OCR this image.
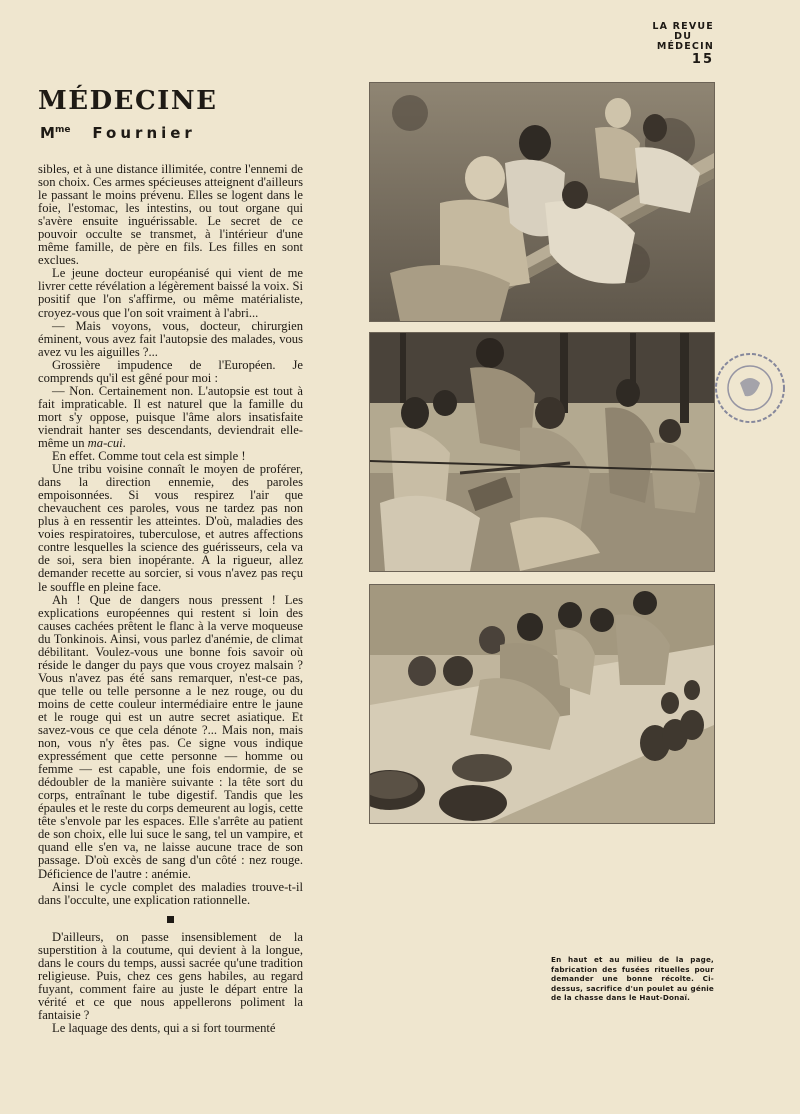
LA REVUE
DU
MÉDECIN
15
MÉDECINE
$M^{me}$ Fournier

sibles, et à une distance illimitée, contre l'ennemi de son choix. Ces armes spécieuses atteignent d'ailleurs le passant le moins prévenu. Elles se logent dans le foie, l'estomac, les intestins, ou tout organe qui s'avère ensuite inguérissable. Le secret de ce pouvoir occulte se transmet, à l'intérieur d'une même famille, de père en fils. Les filles en sont exclues.

Le jeune docteur européanisé qui vient de me livrer cette révélation a légèrement baissé la voix. Si positif que l'on s'affirme, ou même matérialiste, croyez-vous que l'on soit vraiment à l'abri...

— Mais voyons, vous, docteur, chirurgien éminent, vous avez fait l'autopsie des malades, vous avez vu les aiguilles ?...

Grossière impudence de l'Européen. Je comprends qu'il est gêné pour moi :

— Non. Certainement non. L'autopsie est tout à fait impraticable. Il est naturel que la famille du mort s'y oppose, puisque l'âme alors insatisfaite viendrait hanter ses descendants, deviendrait elle-même un ma-cui.

En effet. Comme tout cela est simple !

Une tribu voisine connaît le moyen de proférer, dans la direction ennemie, des paroles empoisonnées. Si vous respirez l'air que chevauchent ces paroles, vous ne tardez pas non plus à en ressentir les atteintes. D'où, maladies des voies respiratoires, tuberculose, et autres affections contre lesquelles la science des guérisseurs, cela va de soi, sera bien inopérante. A la rigueur, allez demander recette au sorcier, si vous n'avez pas reçu le souffle en pleine face.

Ah ! Que de dangers nous pressent ! Les explications européennes qui restent si loin des causes cachées prêtent le flanc à la verve moqueuse du Tonkinois. Ainsi, vous parlez d'anémie, de climat débilitant. Voulez-vous une bonne fois savoir où réside le danger du pays que vous croyez malsain ? Vous n'avez pas été sans remarquer, n'est-ce pas, que telle ou telle personne a le nez rouge, ou du moins de cette couleur intermédiaire entre le jaune et le rouge qui est un autre secret asiatique. Et savez-vous ce que cela dénote ?... Mais non, mais non, vous n'y êtes pas. Ce signe vous indique expressément que cette personne — homme ou femme — est capable, une fois endormie, de se dédoubler de la manière suivante : la tête sort du corps, entraînant le tube digestif. Tandis que les épaules et le reste du corps demeurent au logis, cette tête s'envole par les espaces. Elle s'arrête au patient de son choix, elle lui suce le sang, tel un vampire, et quand elle s'en va, ne laisse aucune trace de son passage. D'où excès de sang d'un côté : nez rouge. Déficience de l'autre : anémie.

Ainsi le cycle complet des maladies trouve-t-il dans l'occulte, une explication rationnelle.

D'ailleurs, on passe insensiblement de la superstition à la coutume, qui devient à la longue, dans le cours du temps, aussi sacrée qu'une tradition religieuse. Puis, chez ces gens habiles, au regard fuyant, comment faire au juste le départ entre la vérité et ce que nous appellerons poliment la fantaisie ?

Le laquage des dents, qui a si fort tourmenté

En haut et au milieu de la page, fabrication des fusées rituelles pour demander une bonne récolte. Ci-dessus, sacrifice d'un poulet au génie de la chasse dans le Haut-Donaï.
